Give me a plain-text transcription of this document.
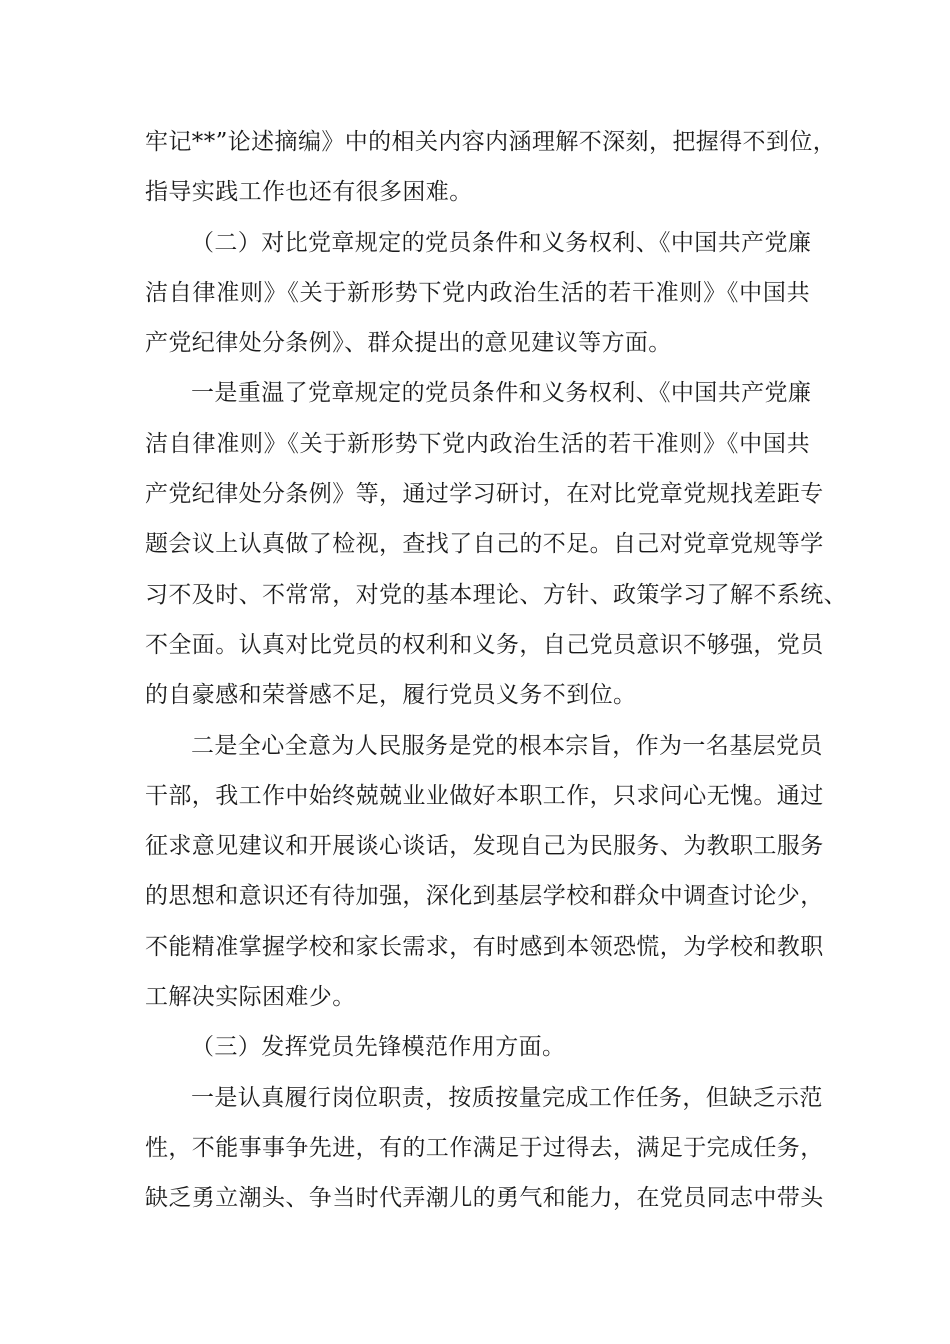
牢记**”论述摘编》中的相关内容内涵理解不深刻，把握得不到位，
指导实践工作也还有很多困难。
（二）对比党章规定的党员条件和义务权利、《中国共产党廉
洁自律准则》《关于新形势下党内政治生活的若干准则》《中国共
产党纪律处分条例》、群众提出的意见建议等方面。
一是重温了党章规定的党员条件和义务权利、《中国共产党廉
洁自律准则》《关于新形势下党内政治生活的若干准则》《中国共
产党纪律处分条例》等，通过学习研讨，在对比党章党规找差距专
题会议上认真做了检视，查找了自己的不足。自己对党章党规等学
习不及时、不常常，对党的基本理论、方针、政策学习了解不系统、
不全面。认真对比党员的权利和义务，自己党员意识不够强，党员
的自豪感和荣誉感不足，履行党员义务不到位。
二是全心全意为人民服务是党的根本宗旨，作为一名基层党员
干部，我工作中始终兢兢业业做好本职工作，只求问心无愧。通过
征求意见建议和开展谈心谈话，发现自己为民服务、为教职工服务
的思想和意识还有待加强，深化到基层学校和群众中调查讨论少，
不能精准掌握学校和家长需求，有时感到本领恐慌，为学校和教职
工解决实际困难少。
（三）发挥党员先锋模范作用方面。
一是认真履行岗位职责，按质按量完成工作任务，但缺乏示范
性，不能事事争先进，有的工作满足于过得去，满足于完成任务，
缺乏勇立潮头、争当时代弄潮儿的勇气和能力，在党员同志中带头
